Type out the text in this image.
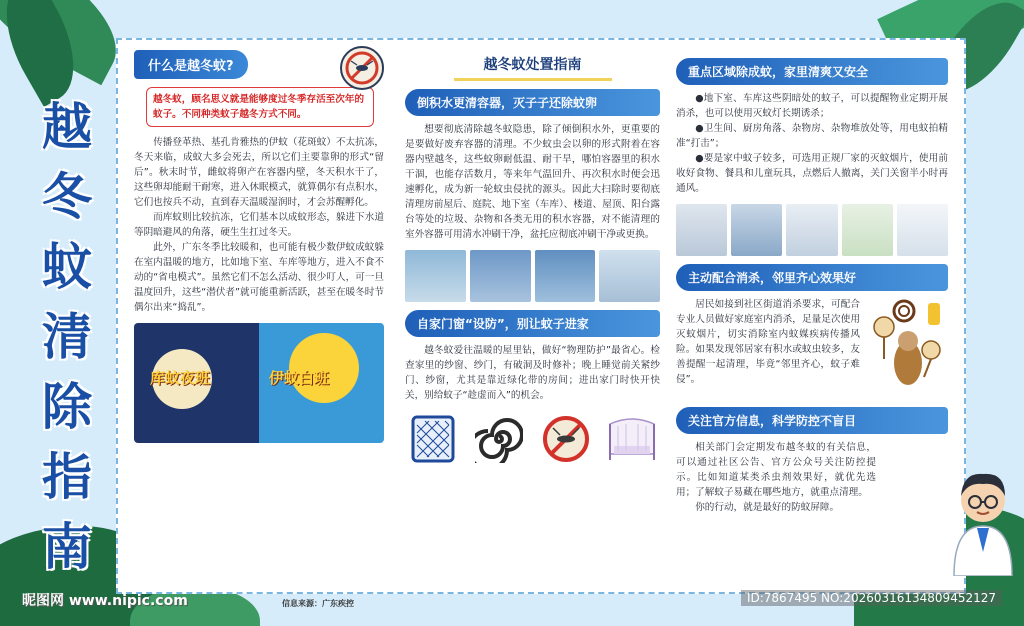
越
冬
蚊
清
除
指
南
什么是越冬蚊?
越冬蚊，顾名思义就是能够度过冬季存活至次年的蚊子。不同种类蚊子越冬方式不同。

传播登革热、基孔肯雅热的伊蚊（花斑蚊）不太抗冻，冬天来临，成蚊大多会死去，所以它们主要靠卵的形式“留后”。秋末时节，雌蚊将卵产在容器内壁，冬天积水干了，这些卵却能耐干耐寒，进入休眠模式，就算偶尔有点积水，它们也按兵不动，直到春天温暖湿润时，才会苏醒孵化。

而库蚊则比较抗冻，它们基本以成蚊形态，躲进下水道等阴暗避风的角落，硬生生扛过冬天。

此外，广东冬季比较暖和，也可能有极少数伊蚊成蚊躲在室内温暖的地方，比如地下室、车库等地方，进入不食不动的“省电模式”。虽然它们不怎么活动、很少叮人，可一旦温度回升，这些“潜伏者”就可能重新活跃，甚至在暖冬时节偶尔出来“捣乱”。

库蚊夜班	伊蚊白班
越冬蚊处置指南
倒积水更清容器，灭子子还除蚊卵

想要彻底清除越冬蚊隐患，除了倾倒积水外，更重要的是要做好废弃容器的清理。不少蚊虫会以卵的形式附着在容器内壁越冬，这些蚊卵耐低温、耐干旱，哪怕容器里的积水干涸，也能存活数月，等来年气温回升、再次积水时便会迅速孵化，成为新一轮蚊虫侵扰的源头。因此大扫除时要彻底清理房前屋后、庭院、地下室（车库）、楼道、屋顶、阳台露台等处的垃圾、杂物和各类无用的积水容器，对不能清理的室外容器可用清水冲刷干净，盆托应彻底冲刷干净或更换。

自家门窗“设防”，别让蚊子进家

越冬蚊爱往温暖的屋里钻，做好“物理防护”最省心。检查家里的纱窗、纱门，有破洞及时修补；晚上睡觉前关紧纱门、纱窗，尤其是靠近绿化带的房间；进出家门时快开快关，别给蚊子“趁虚而入”的机会。

重点区域除成蚊，家里清爽又安全

●地下室、车库这些阴暗处的蚊子，可以提醒物业定期开展消杀，也可以使用灭蚊灯长期诱杀；

●卫生间、厨房角落、杂物房、杂物堆放处等，用电蚊拍精准“打击”；

●要是家中蚊子较多，可选用正规厂家的灭蚊烟片，使用前收好食物、餐具和儿童玩具，点燃后人撤离，关门关窗半小时再通风。

主动配合消杀，邻里齐心效果好

居民如接到社区街道消杀要求，可配合专业人员做好家庭室内消杀，足量足次使用灭蚊烟片，切实消除室内蚊媒疾病传播风险。如果发现邻居家有积水或蚊虫较多，友善提醒一起清理，毕竟“邻里齐心，蚊子难侵”。

关注官方信息，科学防控不盲目

相关部门会定期发布越冬蚊的有关信息，可以通过社区公告、官方公众号关注防控提示。比如知道某类杀虫剂效果好，就优先选用；了解蚊子易藏在哪些地方，就重点清理。

你的行动，就是最好的防蚊屏障。

信息来源：广东疾控
昵图网 www.nipic.com	ID:7867495 NO:20260316134809452127
